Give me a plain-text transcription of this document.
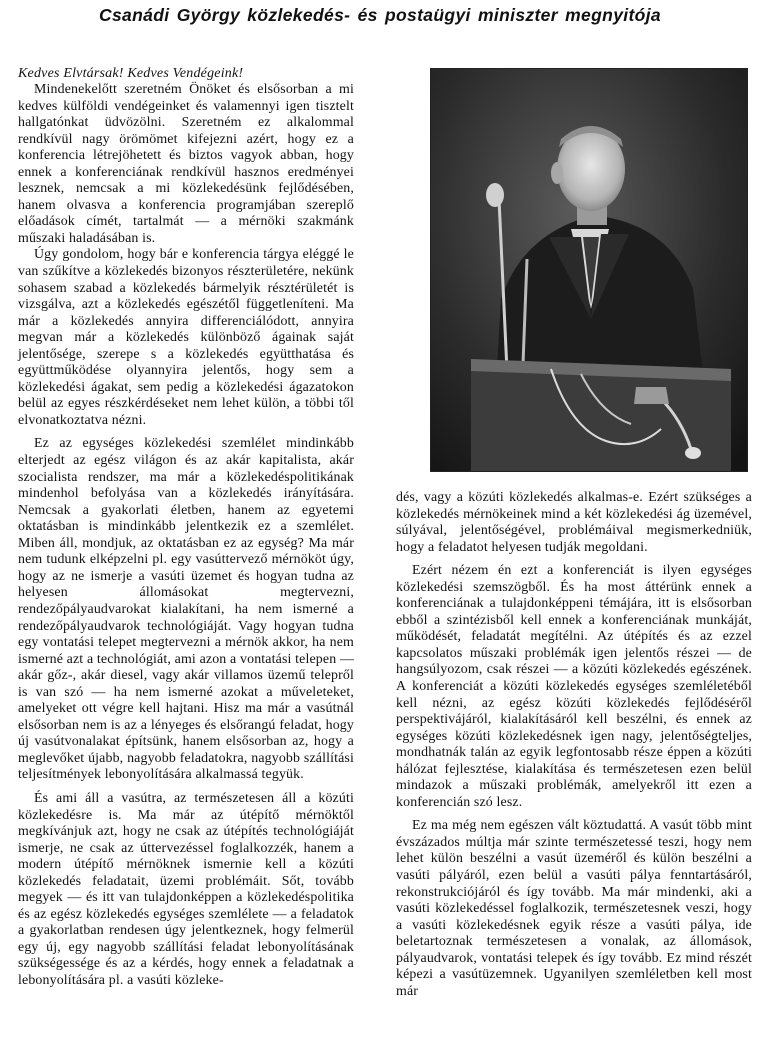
Csanádi György közlekedés- és postaügyi miniszter megnyitója
Kedves Elvtársak! Kedves Vendégeink!

Mindenekelőtt szeretném Önöket és elsősorban a mi kedves külföldi vendégeinket és valamennyi igen tisztelt hallgatónkat üdvözölni. Szeretném ez alkalommal rendkívül nagy örömömet kifejezni azért, hogy ez a konferencia létrejöhetett és biztos vagyok abban, hogy ennek a konferenciának rendkívül hasznos eredményei lesznek, nemcsak a mi közlekedésünk fejlődésében, hanem olvasva a konferencia programjában szereplő előadások címét, tartalmát — a mérnöki szakmánk műszaki haladásában is.

Úgy gondolom, hogy bár e konferencia tárgya eléggé le van szűkítve a közlekedés bizonyos részterületére, nekünk sohasem szabad a közlekedés bármelyik résztérületét is vizsgálva, azt a közlekedés egészétől függetleníteni. Ma már a közlekedés annyira differenciálódott, annyira megvan már a közlekedés különböző ágainak saját jelentősége, szerepe s a közlekedés együtthatása és együttműködése olyannyira jelentős, hogy sem a közlekedési ágakat, sem pedig a közlekedési ágazatokon belül az egyes részkérdéseket nem lehet külön, a többi től elvonatkoztatva nézni.

Ez az egységes közlekedési szemlélet mindinkább elterjedt az egész világon és az akár kapitalista, akár szocialista rendszer, ma már a közlekedéspolitikának mindenhol befolyása van a közlekedés irányítására. Nemcsak a gyakorlati életben, hanem az egyetemi oktatásban is mindinkább jelentkezik ez a szemlélet. Miben áll, mondjuk, az oktatásban ez az egység? Ma már nem tudunk elképzelni pl. egy vasúttervező mérnököt úgy, hogy az ne ismerje a vasúti üzemet és hogyan tudna az helyesen állomásokat megtervezni, rendezőpályaudvarokat kialakítani, ha nem ismerné a rendezőpályaudvarok technológiáját. Vagy hogyan tudna egy vontatási telepet megtervezni a mérnök akkor, ha nem ismerné azt a technológiát, ami azon a vontatási telepen — akár gőz-, akár diesel, vagy akár villamos üzemű telepről is van szó — ha nem ismerné azokat a műveleteket, amelyeket ott végre kell hajtani. Hisz ma már a vasútnál elsősorban nem is az a lényeges és elsőrangú feladat, hogy új vasútvonalakat építsünk, hanem elsősorban az, hogy a meglevőket újabb, nagyobb feladatokra, nagyobb szállítási teljesítmények lebonyolítására alkalmassá tegyük.

És ami áll a vasútra, az természetesen áll a közúti közlekedésre is. Ma már az útépítő mérnöktől megkívánjuk azt, hogy ne csak az útépítés technológiáját ismerje, ne csak az úttervezéssel foglalkozzék, hanem a modern útépítő mérnöknek ismernie kell a közúti közlekedés feladatait, üzemi problémáit. Sőt, tovább megyek — és itt van tulajdonképpen a közlekedéspolitika és az egész közlekedés egységes szemlélete — a feladatok a gyakorlatban rendesen úgy jelentkeznek, hogy felmerül egy új, egy nagyobb szállítási feladat lebonyolításának szükségessége és az a kérdés, hogy ennek a feladatnak a lebonyolítására pl. a vasúti közleke-

dés, vagy a közúti közlekedés alkalmas-e. Ezért szükséges a közlekedés mérnökeinek mind a két közlekedési ág üzemével, súlyával, jelentőségével, problémáival megismerkedniük, hogy a feladatot helyesen tudják megoldani.

Ezért nézem én ezt a konferenciát is ilyen egységes közlekedési szemszögből. És ha most áttérünk ennek a konferenciának a tulajdonképpeni témájára, itt is elsősorban ebből a szintézisből kell ennek a konferenciának munkáját, működését, feladatát megítélni. Az útépítés és az ezzel kapcsolatos műszaki problémák igen jelentős részei — de hangsúlyozom, csak részei — a közúti közlekedés egészének. A konferenciát a közúti közlekedés egységes szemléletéből kell nézni, az egész közúti közlekedés fejlődéséről perspektivájáról, kialakításáról kell beszélni, és ennek az egységes közúti közlekedésnek igen nagy, jelentőségteljes, mondhatnák talán az egyik legfontosabb része éppen a közúti hálózat fejlesztése, kialakítása és természetesen ezen belül mindazok a műszaki problémák, amelyekről itt ezen a konferencián szó lesz.

Ez ma még nem egészen vált köztudattá. A vasút több mint évszázados múltja már szinte természetessé teszi, hogy nem lehet külön beszélni a vasút üzeméről és külön beszélni a vasúti pályáról, ezen belül a vasúti pálya fenntartásáról, rekonstrukciójáról és így tovább. Ma már mindenki, aki a vasúti közlekedéssel foglalkozik, természetesnek veszi, hogy a vasúti közlekedésnek egyik része a vasúti pálya, ide beletartoznak természetesen a vonalak, az állomások, pályaudvarok, vontatási telepek és így tovább. Ez mind részét képezi a vasútüzemnek. Ugyanilyen szemléletben kell most már
